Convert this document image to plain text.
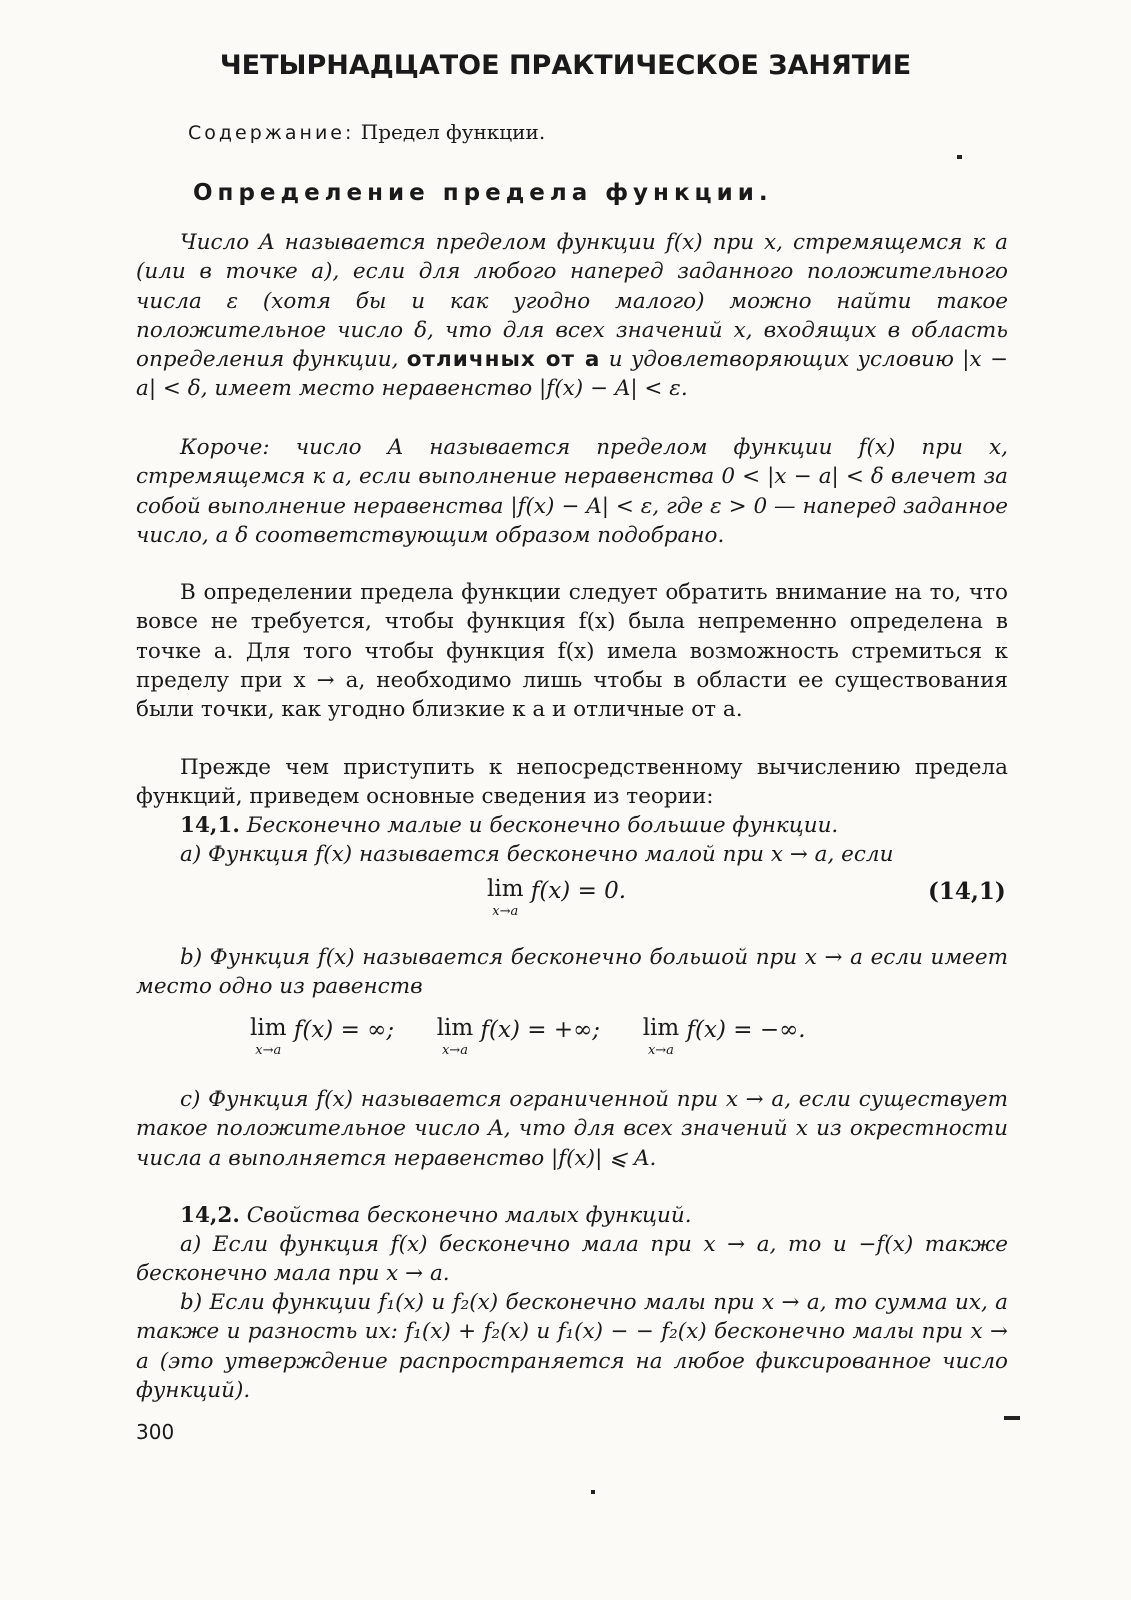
ЧЕТЫРНАДЦАТОЕ ПРАКТИЧЕСКОЕ ЗАНЯТИЕ

Содержание: Предел функции.

Определение предела функции.

Число A называется пределом функции f(x) при x, стремящемся к a (или в точке a), если для любого наперед заданного положительного числа ε (хотя бы и как угодно малого) можно найти такое положительное число δ, что для всех значений x, входящих в область определения функции, отличных от a и удовлетворяющих условию |x − a| < δ, имеет место неравенство |f(x) − A| < ε.

Короче: число A называется пределом функции f(x) при x, стремящемся к a, если выполнение неравенства 0 < |x − a| < δ влечет за собой выполнение неравенства |f(x) − A| < ε, где ε > 0 — наперед заданное число, а δ соответствующим образом подобрано.

В определении предела функции следует обратить внимание на то, что вовсе не требуется, чтобы функция f(x) была непременно определена в точке a. Для того чтобы функция f(x) имела возможность стремиться к пределу при x → a, необходимо лишь чтобы в области ее существования были точки, как угодно близкие к a и отличные от a.

Прежде чем приступить к непосредственному вычислению предела функций, приведем основные сведения из теории:

14,1. Бесконечно малые и бесконечно большие функции.

a) Функция f(x) называется бесконечно малой при x → a, если

lim
x→a
f(x) = 0.	(14,1)

b) Функция f(x) называется бесконечно большой при x → a если имеет место одно из равенств

lim
x→a
f(x) = ∞; lim
x→a
f(x) = +∞; lim
x→a
f(x) = −∞.

c) Функция f(x) называется ограниченной при x → a, если существует такое положительное число A, что для всех значений x из окрестности числа a выполняется неравенство |f(x)| ⩽ A.

14,2. Свойства бесконечно малых функций.

a) Если функция f(x) бесконечно мала при x → a, то и −f(x) также бесконечно мала при x → a.

b) Если функции f₁(x) и f₂(x) бесконечно малы при x → a, то сумма их, а также и разность их: f₁(x) + f₂(x) и f₁(x) − − f₂(x) бесконечно малы при x → a (это утверждение распространяется на любое фиксированное число функций).

300
